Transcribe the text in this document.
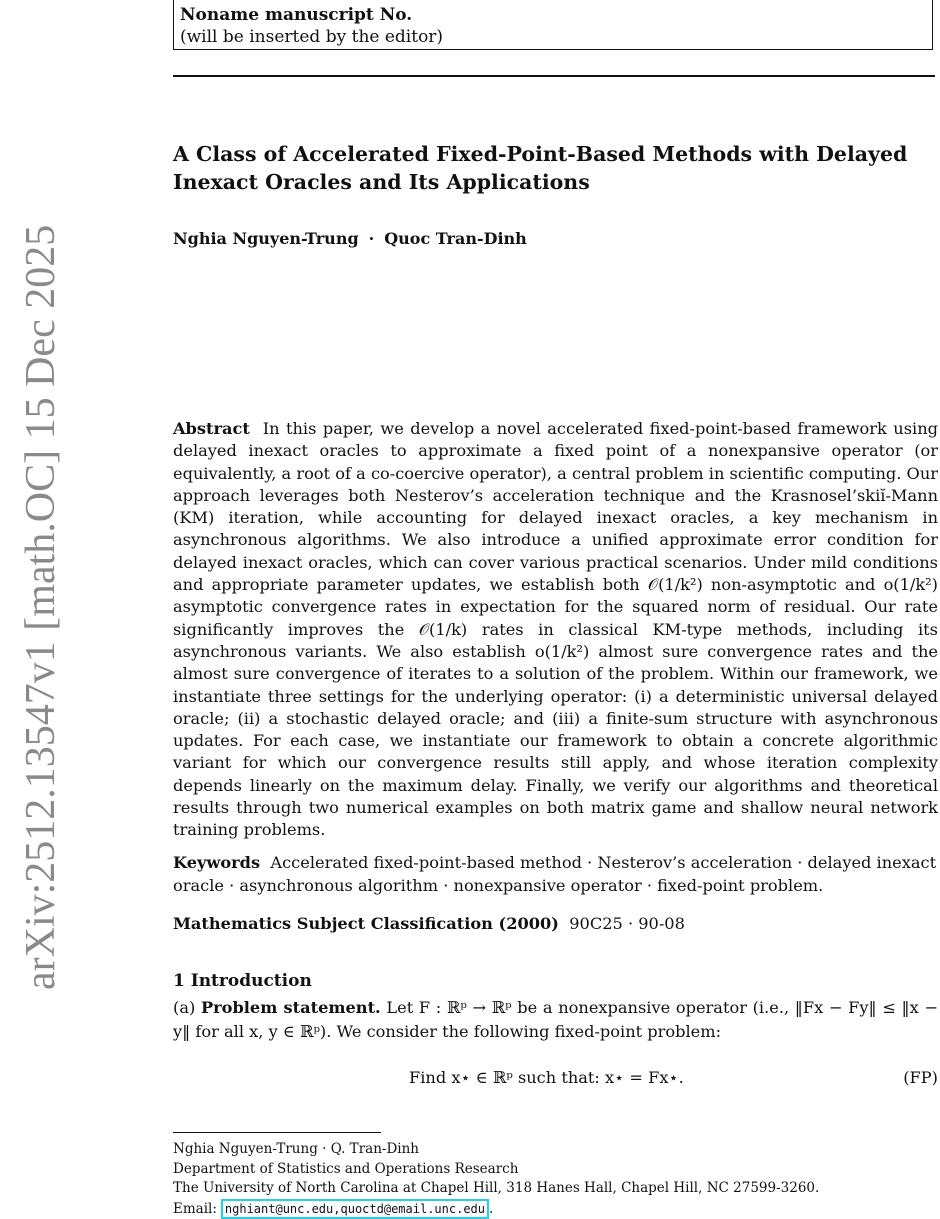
Noname manuscript No.
(will be inserted by the editor)
arXiv:2512.13547v1 [math.OC] 15 Dec 2025
A Class of Accelerated Fixed-Point-Based Methods with Delayed Inexact Oracles and Its Applications
Nghia Nguyen-Trung · Quoc Tran-Dinh

Abstract In this paper, we develop a novel accelerated fixed-point-based framework using delayed inexact oracles to approximate a fixed point of a nonexpansive operator (or equivalently, a root of a co-coercive operator), a central problem in scientific computing. Our approach leverages both Nesterov’s acceleration technique and the Krasnosel’skiĭ-Mann (KM) iteration, while accounting for delayed inexact oracles, a key mechanism in asynchronous algorithms. We also introduce a unified approximate error condition for delayed inexact oracles, which can cover various practical scenarios. Under mild conditions and appropriate parameter updates, we establish both 𝒪(1/k²) non-asymptotic and o(1/k²) asymptotic convergence rates in expectation for the squared norm of residual. Our rate significantly improves the 𝒪(1/k) rates in classical KM-type methods, including its asynchronous variants. We also establish o(1/k²) almost sure convergence rates and the almost sure convergence of iterates to a solution of the problem. Within our framework, we instantiate three settings for the underlying operator: (i) a deterministic universal delayed oracle; (ii) a stochastic delayed oracle; and (iii) a finite-sum structure with asynchronous updates. For each case, we instantiate our framework to obtain a concrete algorithmic variant for which our convergence results still apply, and whose iteration complexity depends linearly on the maximum delay. Finally, we verify our algorithms and theoretical results through two numerical examples on both matrix game and shallow neural network training problems.

Keywords Accelerated fixed-point-based method · Nesterov’s acceleration · delayed inexact oracle · asynchronous algorithm · nonexpansive operator · fixed-point problem.

Mathematics Subject Classification (2000) 90C25 · 90-08

1 Introduction

(a) Problem statement. Let F : ℝᵖ → ℝᵖ be a nonexpansive operator (i.e., ‖Fx − Fy‖ ≤ ‖x − y‖ for all x, y ∈ ℝᵖ). We consider the following fixed-point problem:

Find x⋆ ∈ ℝᵖ such that: x⋆ = Fx⋆.	(FP)
Nghia Nguyen-Trung · Q. Tran-Dinh
Department of Statistics and Operations Research
The University of North Carolina at Chapel Hill, 318 Hanes Hall, Chapel Hill, NC 27599-3260.
Email: nghiant@unc.edu,quoctd@email.unc.edu .
